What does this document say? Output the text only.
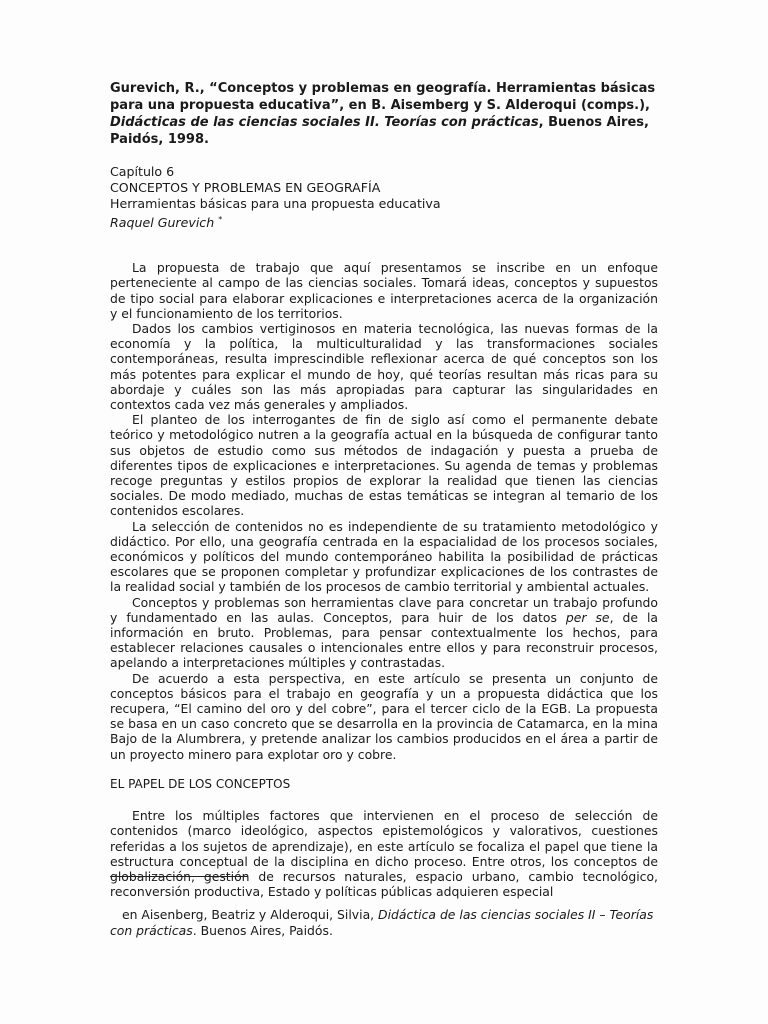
Gurevich, R., “Conceptos y problemas en geografía. Herramientas básicas para una propuesta educativa”, en B. Aisemberg y S. Alderoqui (comps.), Didácticas de las ciencias sociales II. Teorías con prácticas, Buenos Aires, Paidós, 1998.

Capítulo 6
CONCEPTOS Y PROBLEMAS EN GEOGRAFÍA
Herramientas básicas para una propuesta educativa
Raquel Gurevich *

La propuesta de trabajo que aquí presentamos se inscribe en un enfoque perteneciente al campo de las ciencias sociales. Tomará ideas, conceptos y supuestos de tipo social para elaborar explicaciones e interpretaciones acerca de la organización y el funcionamiento de los territorios.

Dados los cambios vertiginosos en materia tecnológica, las nuevas formas de la economía y la política, la multiculturalidad y las transformaciones sociales contemporáneas, resulta imprescindible reflexionar acerca de qué conceptos son los más potentes para explicar el mundo de hoy, qué teorías resultan más ricas para su abordaje y cuáles son las más apropiadas para capturar las singularidades en contextos cada vez más generales y ampliados.

El planteo de los interrogantes de fin de siglo así como el permanente debate teórico y metodológico nutren a la geografía actual en la búsqueda de configurar tanto sus objetos de estudio como sus métodos de indagación y puesta a prueba de diferentes tipos de explicaciones e interpretaciones. Su agenda de temas y problemas recoge preguntas y estilos propios de explorar la realidad que tienen las ciencias sociales. De modo mediado, muchas de estas temáticas se integran al temario de los contenidos escolares.

La selección de contenidos no es independiente de su tratamiento metodológico y didáctico. Por ello, una geografía centrada en la espacialidad de los procesos sociales, económicos y políticos del mundo contemporáneo habilita la posibilidad de prácticas escolares que se proponen completar y profundizar explicaciones de los contrastes de la realidad social y también de los procesos de cambio territorial y ambiental actuales.

Conceptos y problemas son herramientas clave para concretar un trabajo profundo y fundamentado en las aulas. Conceptos, para huir de los datos per se, de la información en bruto. Problemas, para pensar contextualmente los hechos, para establecer relaciones causales o intencionales entre ellos y para reconstruir procesos, apelando a interpretaciones múltiples y contrastadas.

De acuerdo a esta perspectiva, en este artículo se presenta un conjunto de conceptos básicos para el trabajo en geografía y un a propuesta didáctica que los recupera, “El camino del oro y del cobre”, para el tercer ciclo de la EGB. La propuesta se basa en un caso concreto que se desarrolla en la provincia de Catamarca, en la mina Bajo de la Alumbrera, y pretende analizar los cambios producidos en el área a partir de un proyecto minero para explotar oro y cobre.

EL PAPEL DE LOS CONCEPTOS

Entre los múltiples factores que intervienen en el proceso de selección de contenidos (marco ideológico, aspectos epistemológicos y valorativos, cuestiones referidas a los sujetos de aprendizaje), en este artículo se focaliza el papel que tiene la estructura conceptual de la disciplina en dicho proceso. Entre otros, los conceptos de globalización, gestión de recursos naturales, espacio urbano, cambio tecnológico, reconversión productiva, Estado y políticas públicas adquieren especial

en Aisenberg, Beatriz y Alderoqui, Silvia, Didáctica de las ciencias sociales II – Teorías con prácticas. Buenos Aires, Paidós.
